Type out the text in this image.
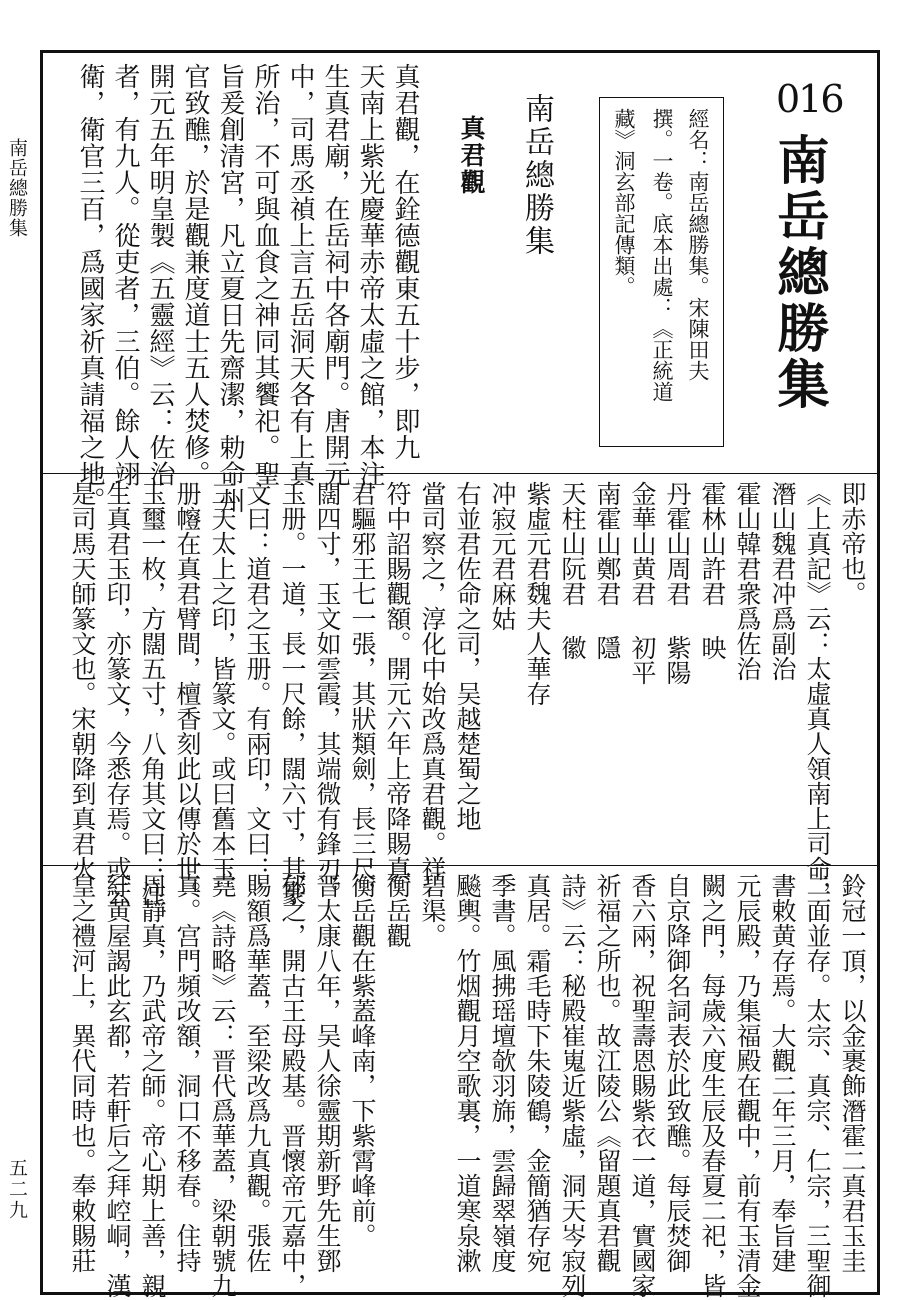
南岳總勝集
五二九
016
南岳總勝集
經名：南岳總勝集。宋陳田夫
撰。一卷。底本出處：《正統道
藏》洞玄部記傳類。
南岳總勝集
真君觀
真君觀，在銓德觀東五十步，即九
天南上紫光慶華赤帝太虛之館，本注
生真君廟，在岳祠中各廟門。唐開元
中，司馬丞禎上言五岳洞天各有上真
所治，不可與血食之神同其饗祀。聖
旨爰創清宮，凡立夏日先齋潔，勅命州
官致醮，於是觀兼度道士五人焚修。
開元五年明皇製《五靈經》云：佐治
者，有九人。從吏者，三伯。餘人翊
衛，衛官三百，爲國家祈真請福之地。
即赤帝也。
《上真記》云：太虛真人領南上司命，
潛山魏君冲爲副治
霍山韓君衆爲佐治
霍林山許君 映
丹霍山周君 紫陽
金華山黄君 初平
南霍山鄭君 隱
天柱山阮君 徽
紫虛元君魏夫人華存
冲寂元君麻姑
右並君佐命之司，吴越楚蜀之地
當司察之，淳化中始改爲真君觀。祥
符中詔賜觀額。開元六年上帝降賜真
君驅邪王七一張，其狀類劍，長三尺，
闊四寸，玉文如雲霞，其端微有鋒刃。
玉册。一道，長一尺餘，闊六寸，其篆
文曰：道君之玉册。有兩印，文曰：
三天太上之印，皆篆文。或曰舊本玉
册㡧在真君臂間，檀香刻此以傳於世。
玉璽一枚，方闊五寸，八角其文曰：注
生真君玉印，亦篆文，今悉存焉。或云
是司馬天師篆文也。宋朝降到真君火
鈴冠一頂，以金裹飾潛霍二真君玉圭
二面並存。太宗、真宗、仁宗，三聖御
書敕黄存焉。大觀二年三月，奉旨建
元辰殿，乃集福殿在觀中，前有玉清金
闕之門，每歲六度生辰及春夏二祀，皆
自京降御名詞表於此致醮。每辰焚御
香六兩，祝聖壽恩賜紫衣一道，實國家
祈福之所也。故江陵公《留題真君觀
詩》云：秘殿崔嵬近紫虛，洞天岑寂列
真居。霜毛時下朱陵鶴，金簡猶存宛
季書。風拂瑶壇欹羽旆，雲歸翠嶺度
飈輿。竹烟觀月空歌裏，一道寒泉漱
碧渠。
衡岳觀
衡岳觀在紫蓋峰南，下紫霄峰前。
晋太康八年，吴人徐靈期新野先生鄧
郁之，開古王母殿基。晋懷帝元嘉中，
賜額爲華蓋，至梁改爲九真觀。張佐
堯《詩略》云：晋代爲華蓋，梁朝號九
真。宫門頻改額，洞口不移春。住持
周靜真，乃武帝之師。帝心期上善，親
紆黄屋謁此玄都，若軒后之拜崆峒，漢
皇之禮河上，異代同時也。奉敕賜莊
